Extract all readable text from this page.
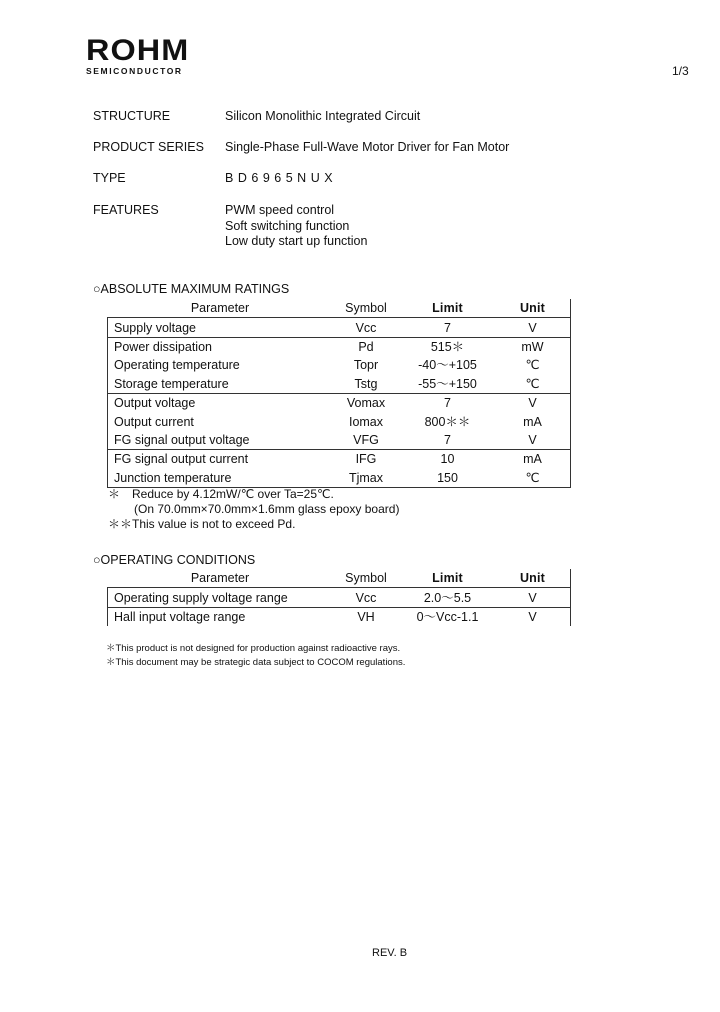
ROHM
SEMICONDUCTOR	1/3
STRUCTURE	Silicon Monolithic Integrated Circuit
PRODUCT SERIES Single-Phase Full-Wave Motor Driver for Fan Motor
TYPE	BD6965NUX
FEATURES	PWM speed control
Soft switching function
Low duty start up function
○ABSOLUTE MAXIMUM RATINGS
Parameter	Symbol	Limit	Unit
Supply voltage	Vcc	7	V
Power dissipation	Pd	515＊	mW
Operating temperature	Topr	-40～+105	℃
Storage temperature	Tstg	-55～+150	℃
Output voltage	Vomax	7	V
Output current	Iomax	800＊＊	mA
FG signal output voltage	VFG	7	V
FG signal output current	IFG	10	mA
Junction temperature	Tjmax	150	℃
＊　Reduce by 4.12mW/℃ over Ta=25℃.
(On 70.0mm×70.0mm×1.6mm glass epoxy board)
＊＊This value is not to exceed Pd.
○OPERATING CONDITIONS
Parameter	Symbol	Limit	Unit
Operating supply voltage range	Vcc	2.0～5.5	V
Hall input voltage range	VH	0～Vcc-1.1	V
＊This product is not designed for production against radioactive rays.
＊This document may be strategic data subject to COCOM regulations.
REV. B
